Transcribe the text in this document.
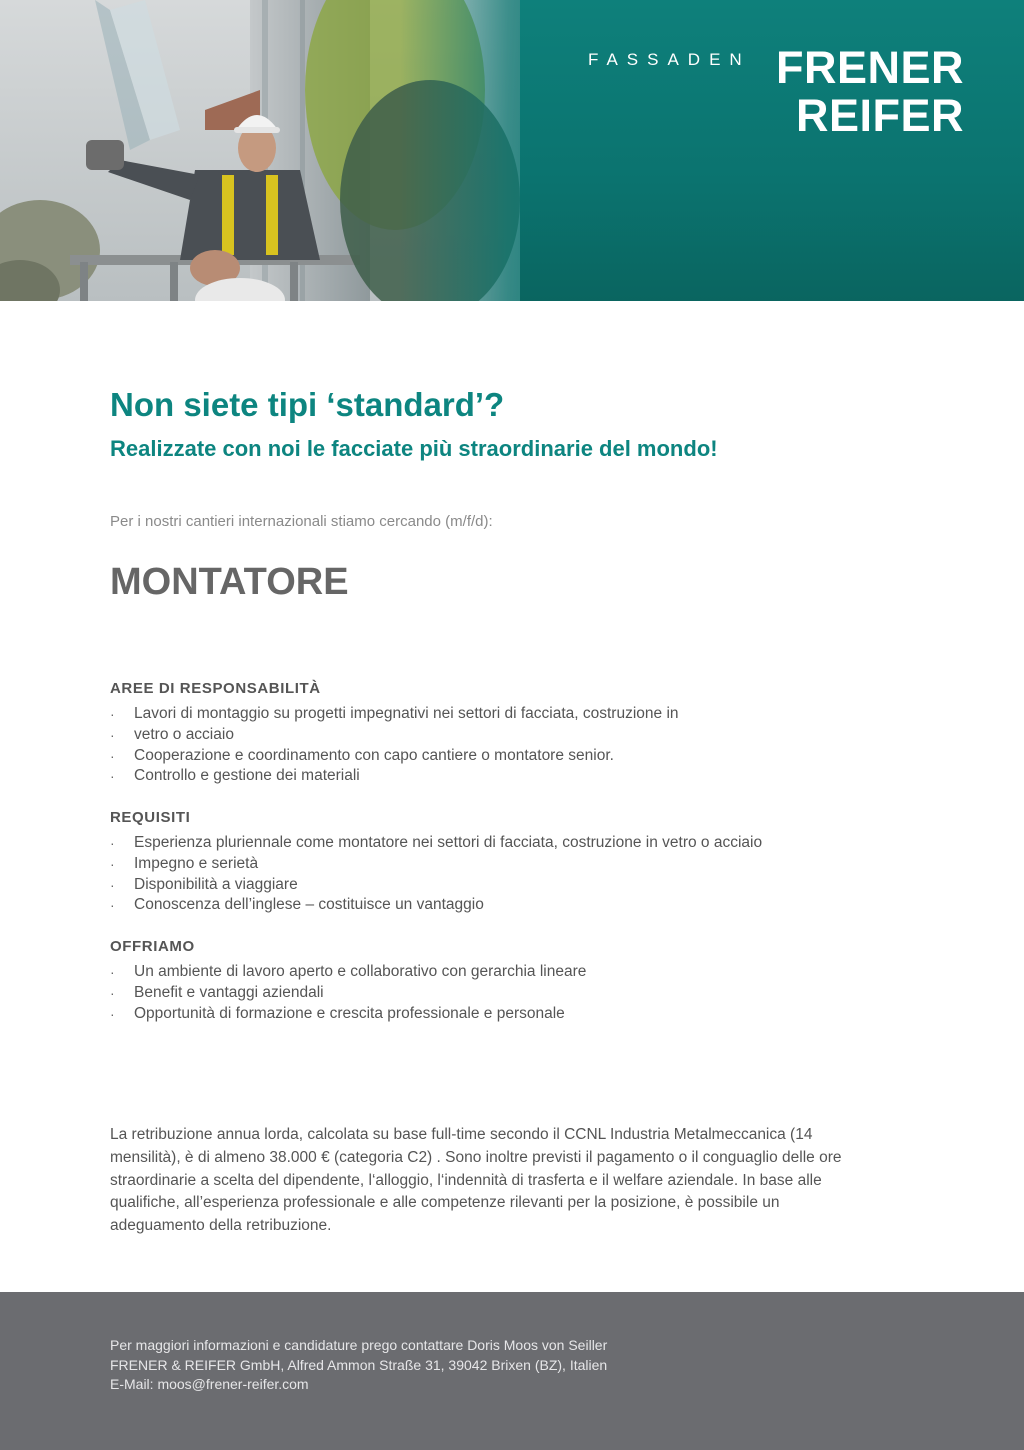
FASSADEN FRENER
REIFER
Non siete tipi ‘standard’?
Realizzate con noi le facciate più straordinarie del mondo!

Per i nostri cantieri internazionali stiamo cercando (m/f/d):

MONTATORE
AREE DI RESPONSABILITÀ
· Lavori di montaggio su progetti impegnativi nei settori di facciata, costruzione in
· vetro o acciaio
· Cooperazione e coordinamento con capo cantiere o montatore senior.
· Controllo e gestione dei materiali
REQUISITI
· Esperienza pluriennale come montatore nei settori di facciata, costruzione in vetro o acciaio
· Impegno e serietà
· Disponibilità a viaggiare
· Conoscenza dell’inglese – costituisce un vantaggio
OFFRIAMO
· Un ambiente di lavoro aperto e collaborativo con gerarchia lineare
· Benefit e vantaggi aziendali
· Opportunità di formazione e crescita professionale e personale

La retribuzione annua lorda, calcolata su base full-time secondo il CCNL Industria Metalmeccanica (14 mensilità), è di almeno 38.000 € (categoria C2) . Sono inoltre previsti il pagamento o il conguaglio delle ore straordinarie a scelta del dipendente, l‘alloggio, l‘indennità di trasferta e il welfare aziendale. In base alle qualifiche, all’esperienza professionale e alle competenze rilevanti per la posizione, è possibile un adeguamento della retribuzione.

Per maggiori informazioni e candidature prego contattare Doris Moos von Seiller
FRENER & REIFER GmbH, Alfred Ammon Straße 31, 39042 Brixen (BZ), Italien
E-Mail: moos@frener-reifer.com
